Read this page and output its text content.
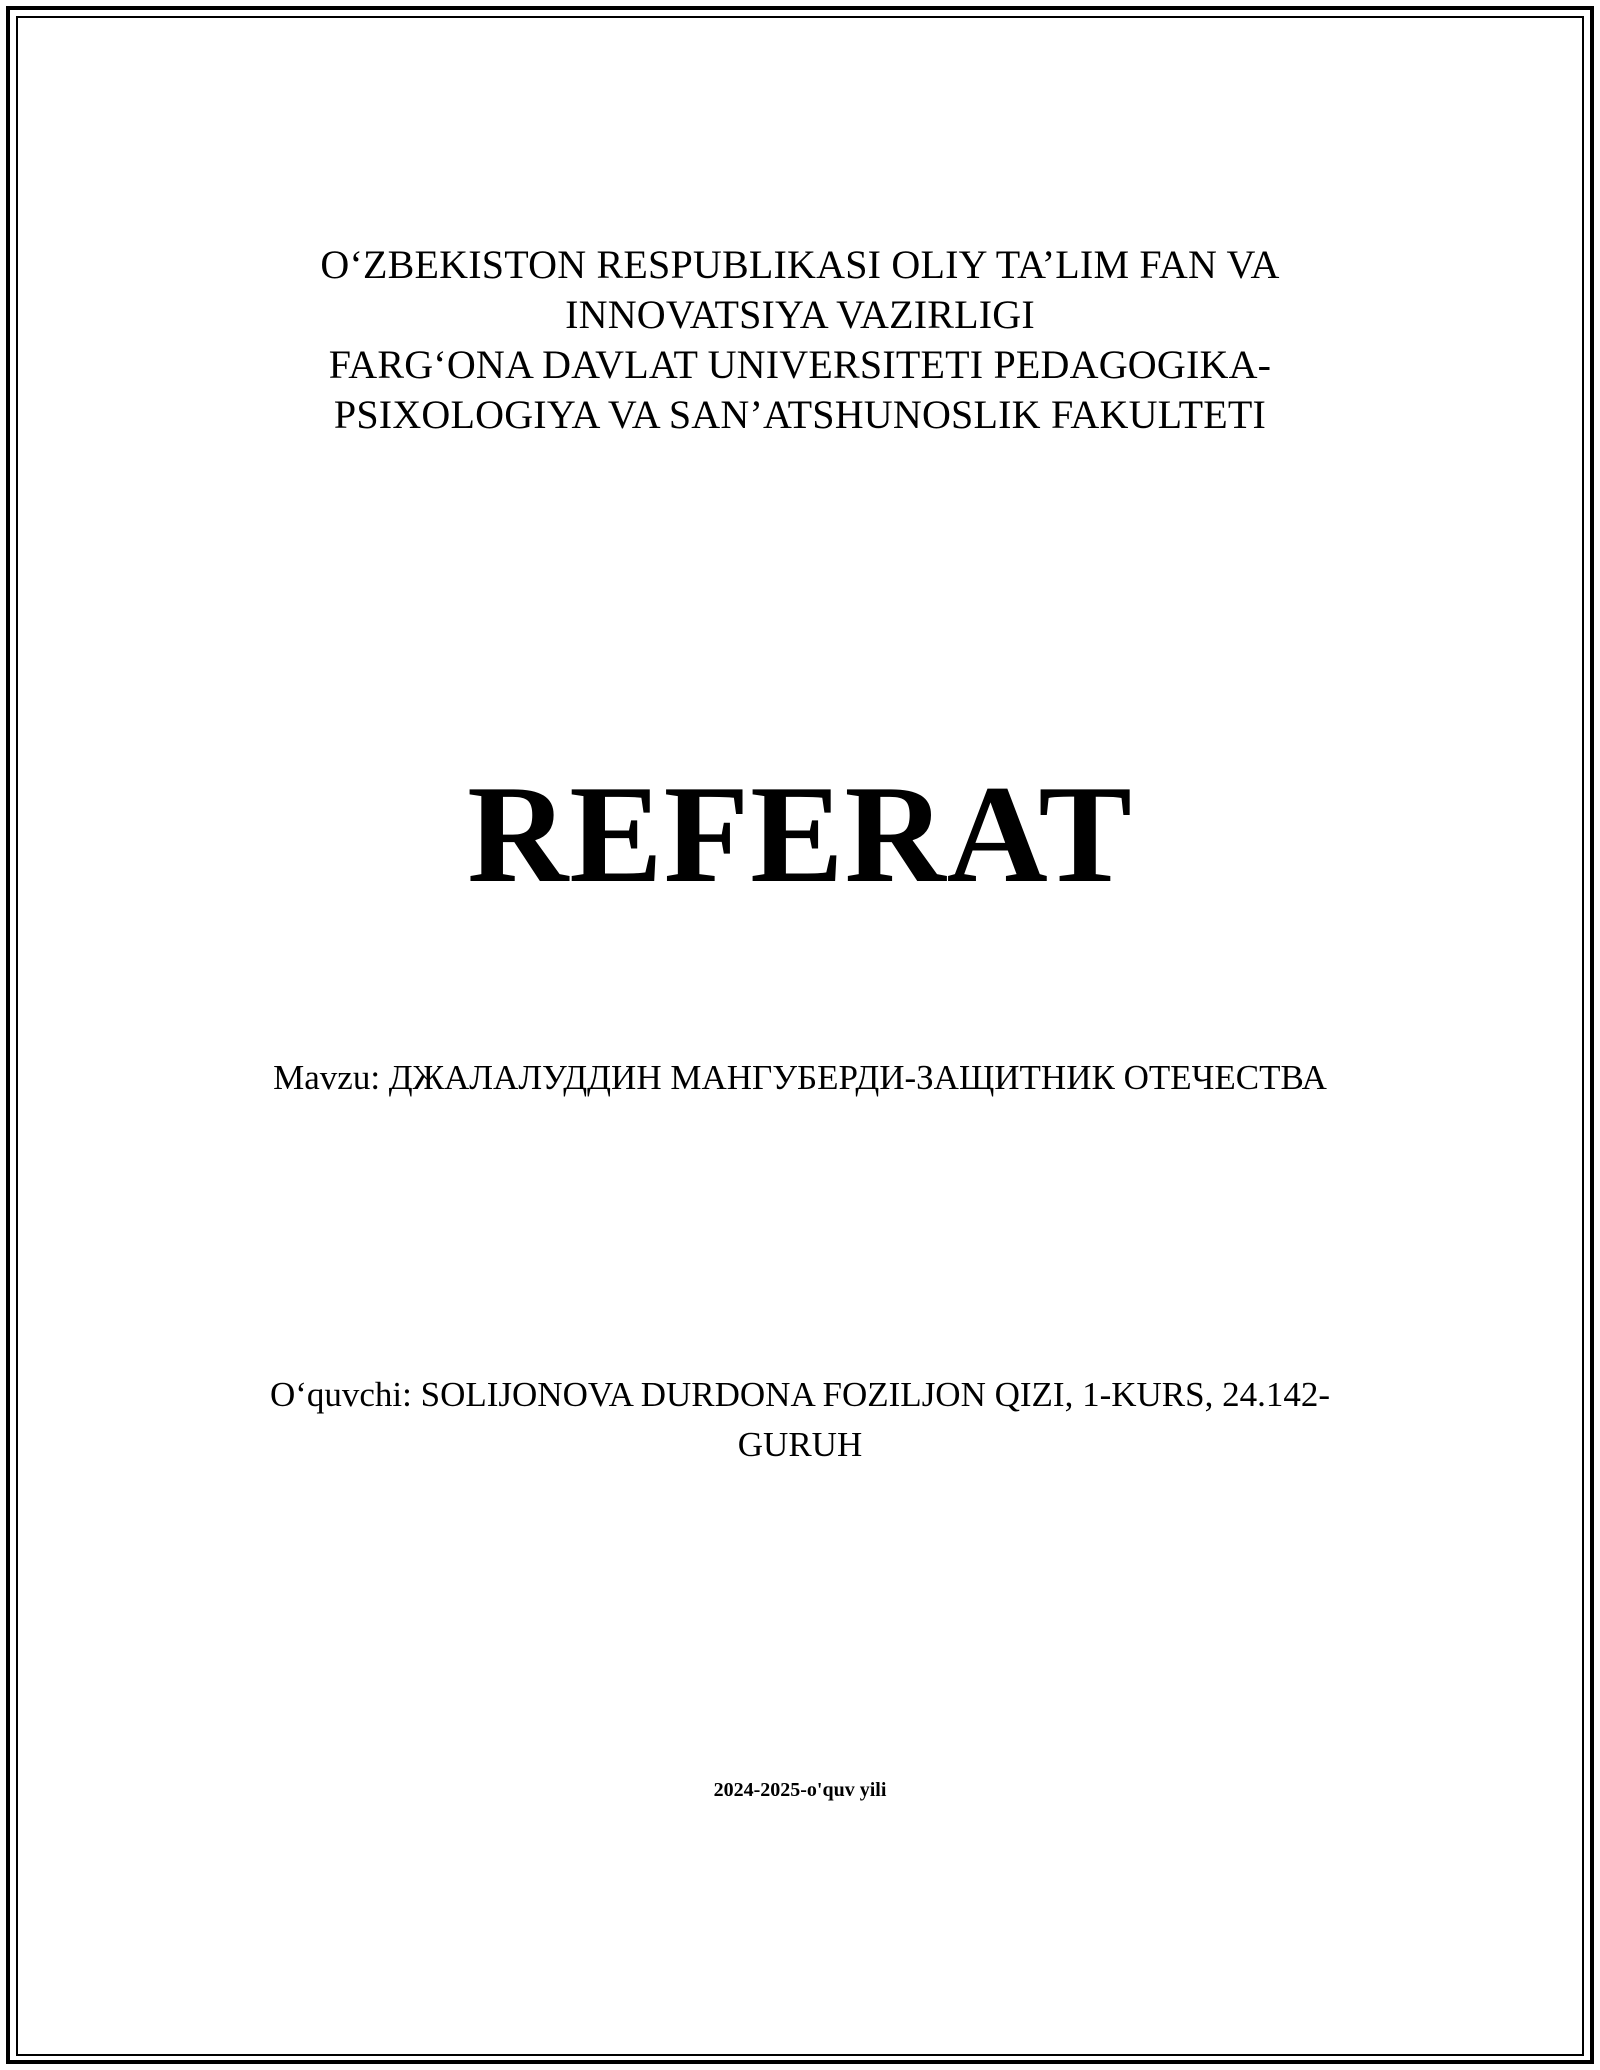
O‘ZBEKISTON RESPUBLIKASI OLIY TA’LIM FAN VA
INNOVATSIYA VAZIRLIGI
FARG‘ONA DAVLAT UNIVERSITETI PEDAGOGIKA-
PSIXOLOGIYA VA SAN’ATSHUNOSLIK FAKULTETI
REFERAT
Mavzu: ДЖАЛАЛУДДИН МАНГУБЕРДИ-ЗАЩИТНИК ОТЕЧЕСТВА
O‘quvchi: SOLIJONOVA DURDONA FOZILJON QIZI, 1-KURS, 24.142-
GURUH
2024-2025-o'quv yili
